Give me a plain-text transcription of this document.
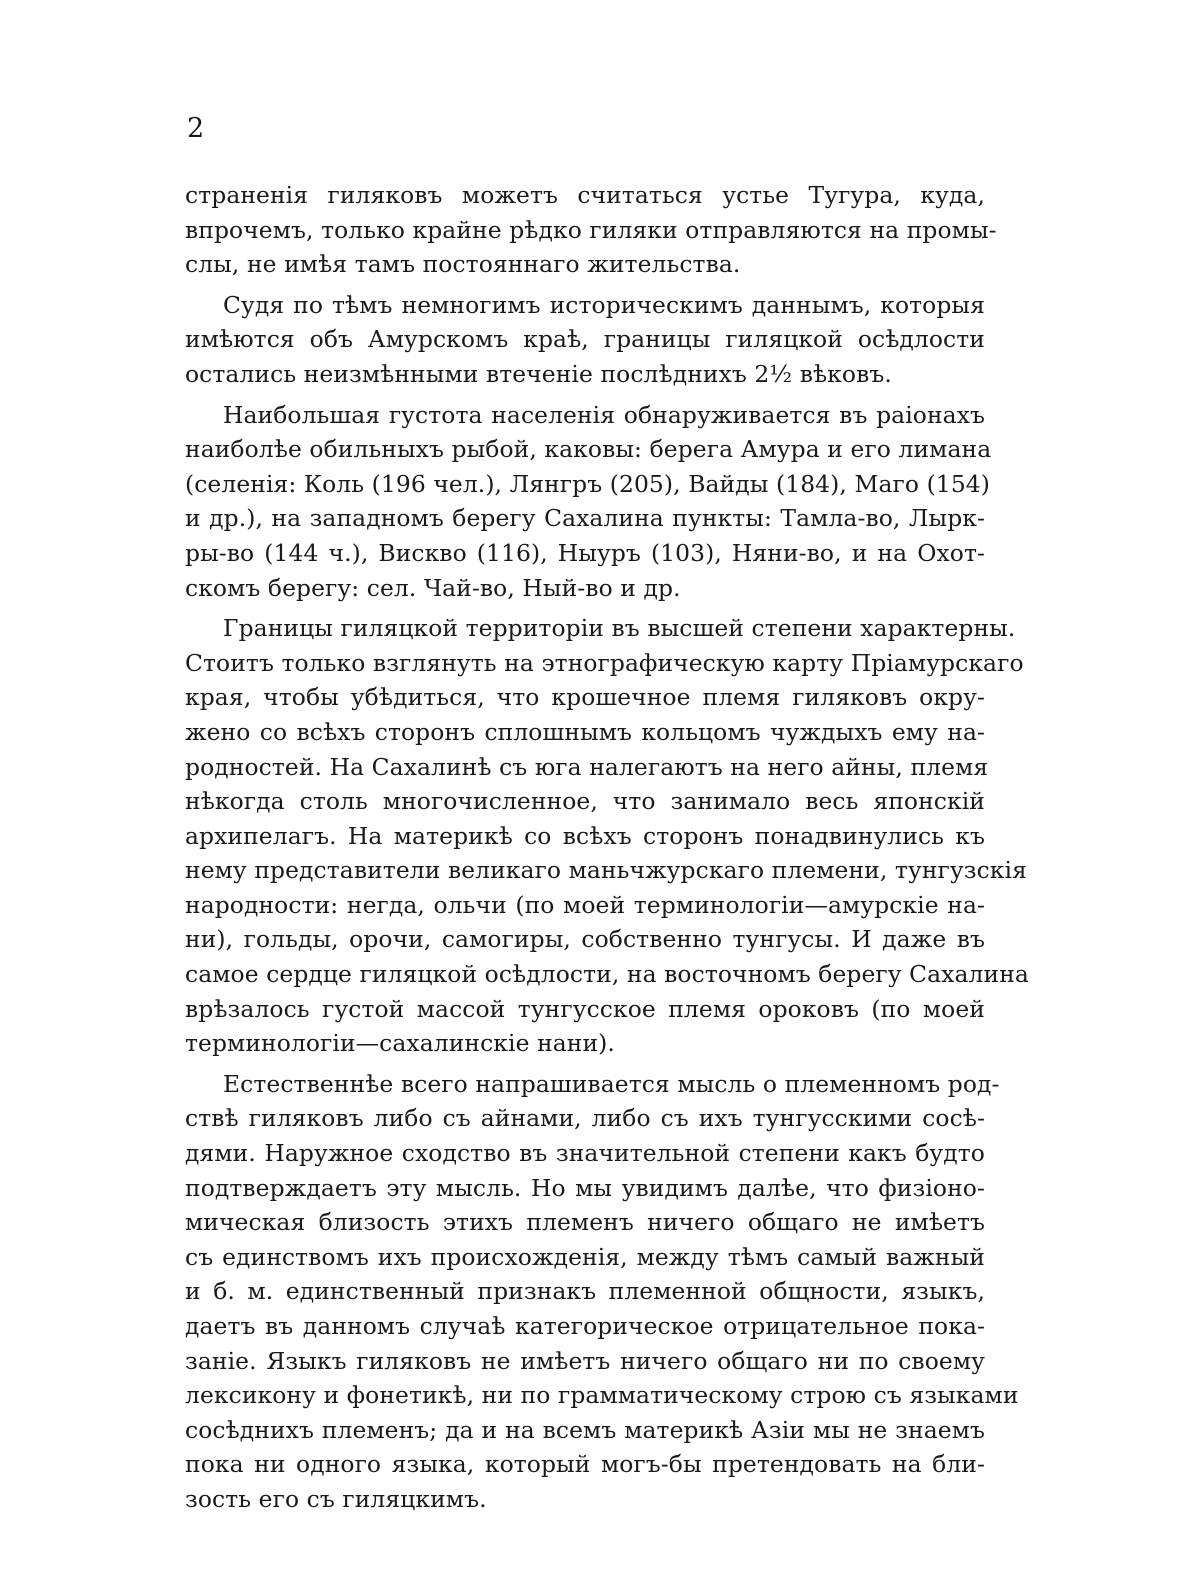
2
страненія гиляковъ можетъ считаться устье Тугура, куда,
впрочемъ, только крайне рѣдко гиляки отправляются на промы-
слы, не имѣя тамъ постояннаго жительства.
Судя по тѣмъ немногимъ историческимъ даннымъ, которыя
имѣются объ Амурскомъ краѣ, границы гиляцкой осѣдлости
остались неизмѣнными втеченіе послѣднихъ 2½ вѣковъ.
Наибольшая густота населенія обнаруживается въ раіонахъ
наиболѣе обильныхъ рыбой, каковы: берега Амура и его лимана
(селенія: Коль (196 чел.), Лянгръ (205), Вайды (184), Маго (154)
и др.), на западномъ берегу Сахалина пункты: Тамла-во, Лырк-
ры-во (144 ч.), Виcкво (116), Ныуръ (103), Няни-во, и на Охот-
скомъ берегу: сел. Чай-во, Ный-во и др.
Границы гиляцкой территоріи въ высшей степени характерны.
Стоитъ только взглянуть на этнографическую карту Пріамурскаго
края, чтобы убѣдиться, что крошечное племя гиляковъ окру-
жено со всѣхъ сторонъ сплошнымъ кольцомъ чуждыхъ ему на-
родностей. На Сахалинѣ съ юга налегаютъ на него айны, племя
нѣкогда столь многочисленное, что занимало весь японскій
архипелагъ. На материкѣ со всѣхъ сторонъ понадвинулись къ
нему представители великаго маньчжурскаго племени, тунгузскія
народности: негда, ольчи (по моей терминологіи—амурскіе на-
ни), гольды, орочи, самогиры, собственно тунгусы. И даже въ
самое сердце гиляцкой осѣдлости, на восточномъ берегу Сахалина
врѣзалось густой массой тунгусское племя ороковъ (по моей
терминологіи—сахалинскіе нани).
Естественнѣе всего напрашивается мысль о племенномъ род-
ствѣ гиляковъ либо съ айнами, либо съ ихъ тунгусскими сосѣ-
дями. Наружное сходство въ значительной степени какъ будто
подтверждаетъ эту мысль. Но мы увидимъ далѣе, что физіоно-
мическая близость этихъ племенъ ничего общаго не имѣетъ
съ единствомъ ихъ происхожденія, между тѣмъ самый важный
и б. м. единственный признакъ племенной общности, языкъ,
даетъ въ данномъ случаѣ категорическое отрицательное пока-
заніе. Языкъ гиляковъ не имѣетъ ничего общаго ни по своему
лексикону и фонетикѣ, ни по грамматическому строю съ языками
сосѣднихъ племенъ; да и на всемъ материкѣ Азіи мы не знаемъ
пока ни одного языка, который могъ-бы претендовать на бли-
зость его съ гиляцкимъ.
